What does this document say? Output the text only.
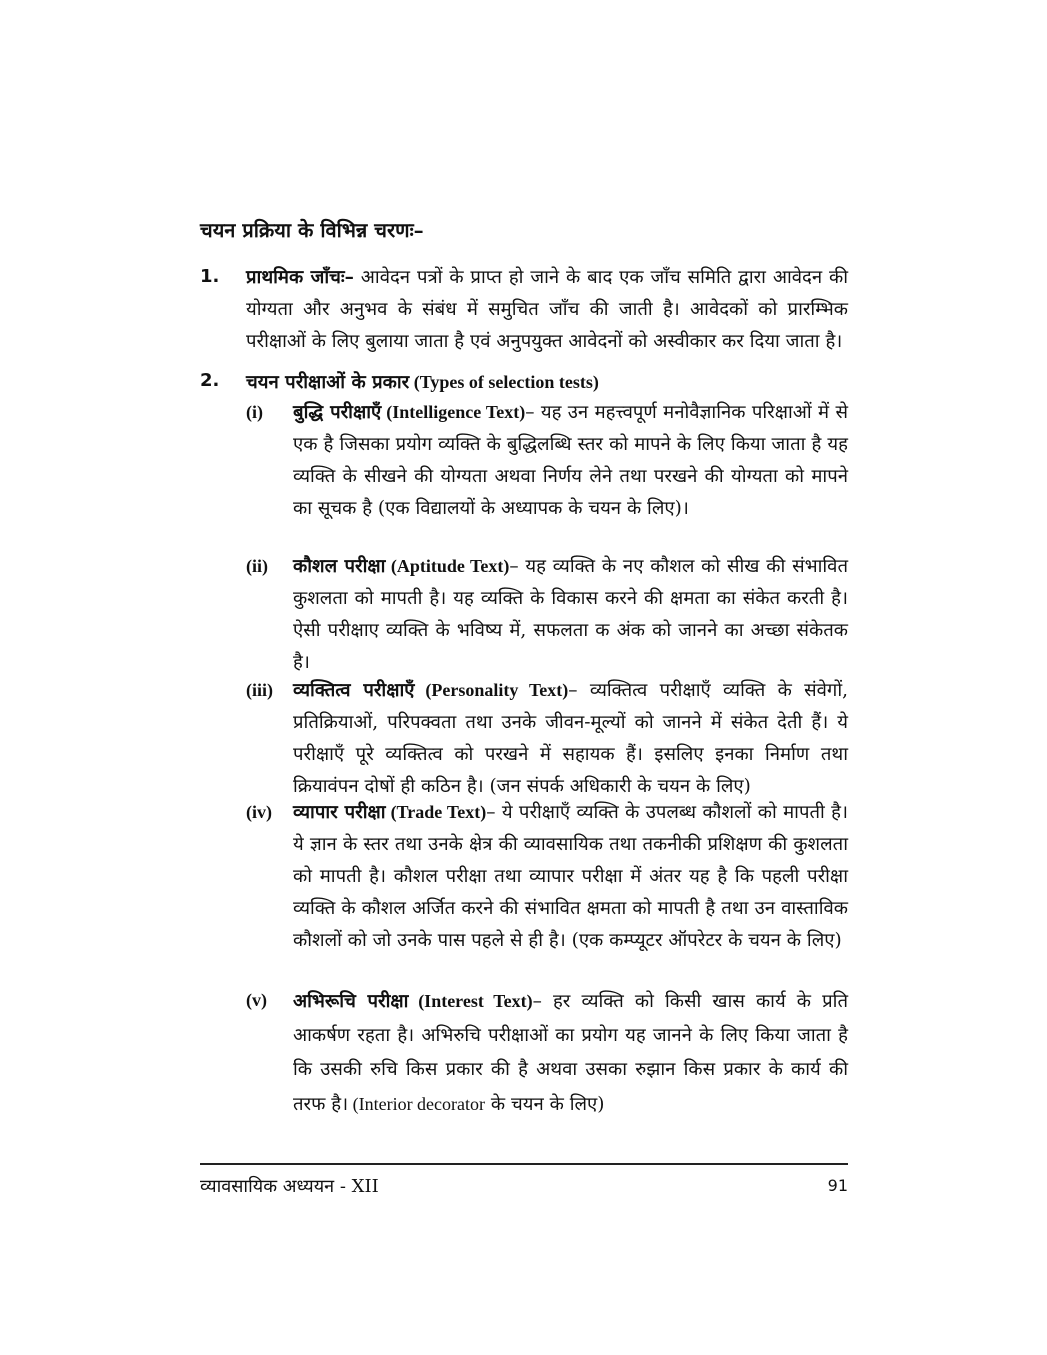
चयन प्रक्रिया के विभिन्न चरणः–
1.	प्राथमिक जाँचः– आवेदन पत्रों के प्राप्त हो जाने के बाद एक जाँच समिति द्वारा आवेदन की योग्यता और अनुभव के संबंध में समुचित जाँच की जाती है। आवेदकों को प्रारम्भिक परीक्षाओं के लिए बुलाया जाता है एवं अनुपयुक्त आवेदनों को अस्वीकार कर दिया जाता है।
2.	चयन परीक्षाओं के प्रकार (Types of selection tests)
(i)	बुद्धि परीक्षाएँ (Intelligence Text)– यह उन महत्त्वपूर्ण मनोवैज्ञानिक परिक्षाओं में से एक है जिसका प्रयोग व्यक्ति के बुद्धिलब्धि स्तर को मापने के लिए किया जाता है यह व्यक्ति के सीखने की योग्यता अथवा निर्णय लेने तथा परखने की योग्यता को मापने का सूचक है (एक विद्यालयों के अध्यापक के चयन के लिए)।
(ii)	कौशल परीक्षा (Aptitude Text)– यह व्यक्ति के नए कौशल को सीख की संभावित कुशलता को मापती है। यह व्यक्ति के विकास करने की क्षमता का संकेत करती है। ऐसी परीक्षाए व्यक्ति के भविष्य में, सफलता क अंक को जानने का अच्छा संकेतक है।
(iii)	व्यक्तित्व परीक्षाएँ (Personality Text)– व्यक्तित्व परीक्षाएँ व्यक्ति के संवेगों, प्रतिक्रियाओं, परिपक्वता तथा उनके जीवन-मूल्यों को जानने में संकेत देती हैं। ये परीक्षाएँ पूरे व्यक्तित्व को परखने में सहायक हैं। इसलिए इनका निर्माण तथा क्रियावंपन दोषों ही कठिन है। (जन संपर्क अधिकारी के चयन के लिए)
(iv)	व्यापार परीक्षा (Trade Text)– ये परीक्षाएँ व्यक्ति के उपलब्ध कौशलों को मापती है। ये ज्ञान के स्तर तथा उनके क्षेत्र की व्यावसायिक तथा तकनीकी प्रशिक्षण की कुशलता को मापती है। कौशल परीक्षा तथा व्यापार परीक्षा में अंतर यह है कि पहली परीक्षा व्यक्ति के कौशल अर्जित करने की संभावित क्षमता को मापती है तथा उन वास्ताविक कौशलों को जो उनके पास पहले से ही है। (एक कम्प्यूटर ऑपरेटर के चयन के लिए)
(v)	अभिरूचि परीक्षा (Interest Text)– हर व्यक्ति को किसी खास कार्य के प्रति आकर्षण रहता है। अभिरुचि परीक्षाओं का प्रयोग यह जानने के लिए किया जाता है कि उसकी रुचि किस प्रकार की है अथवा उसका रुझान किस प्रकार के कार्य की तरफ है। (Interior decorator के चयन के लिए)
व्यावसायिक अध्ययन - XII	91
